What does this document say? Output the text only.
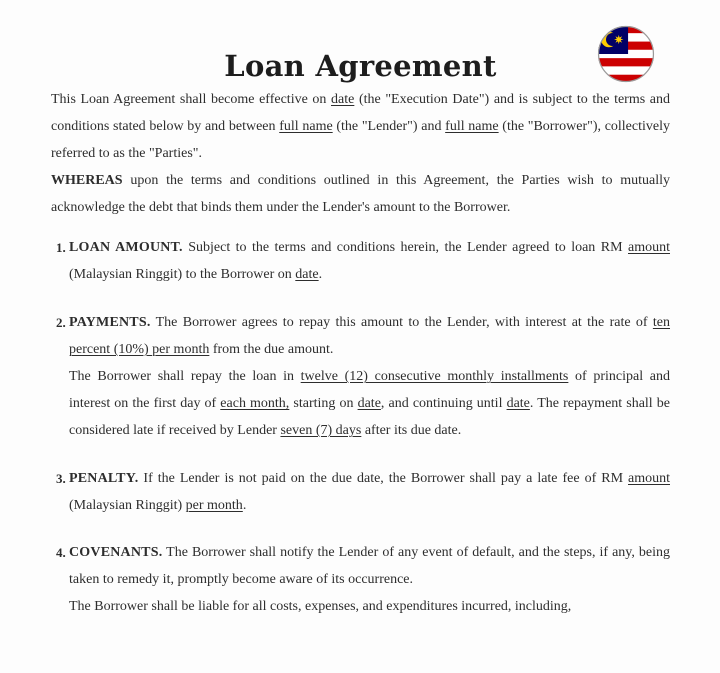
Loan Agreement

This Loan Agreement shall become effective on date (the "Execution Date") and is subject to the terms and conditions stated below by and between full name (the "Lender") and full name (the "Borrower"), collectively referred to as the "Parties".

WHEREAS upon the terms and conditions outlined in this Agreement, the Parties wish to mutually acknowledge the debt that binds them under the Lender's amount to the Borrower.

1. LOAN AMOUNT. Subject to the terms and conditions herein, the Lender agreed to loan RM amount (Malaysian Ringgit) to the Borrower on date.

2. PAYMENTS. The Borrower agrees to repay this amount to the Lender, with interest at the rate of ten percent (10%) per month from the due amount.

The Borrower shall repay the loan in twelve (12) consecutive monthly installments of principal and interest on the first day of each month, starting on date, and continuing until date. The repayment shall be considered late if received by Lender seven (7) days after its due date.

3. PENALTY. If the Lender is not paid on the due date, the Borrower shall pay a late fee of RM amount (Malaysian Ringgit) per month.

4. COVENANTS. The Borrower shall notify the Lender of any event of default, and the steps, if any, being taken to remedy it, promptly become aware of its occurrence.

The Borrower shall be liable for all costs, expenses, and expenditures incurred, including,
